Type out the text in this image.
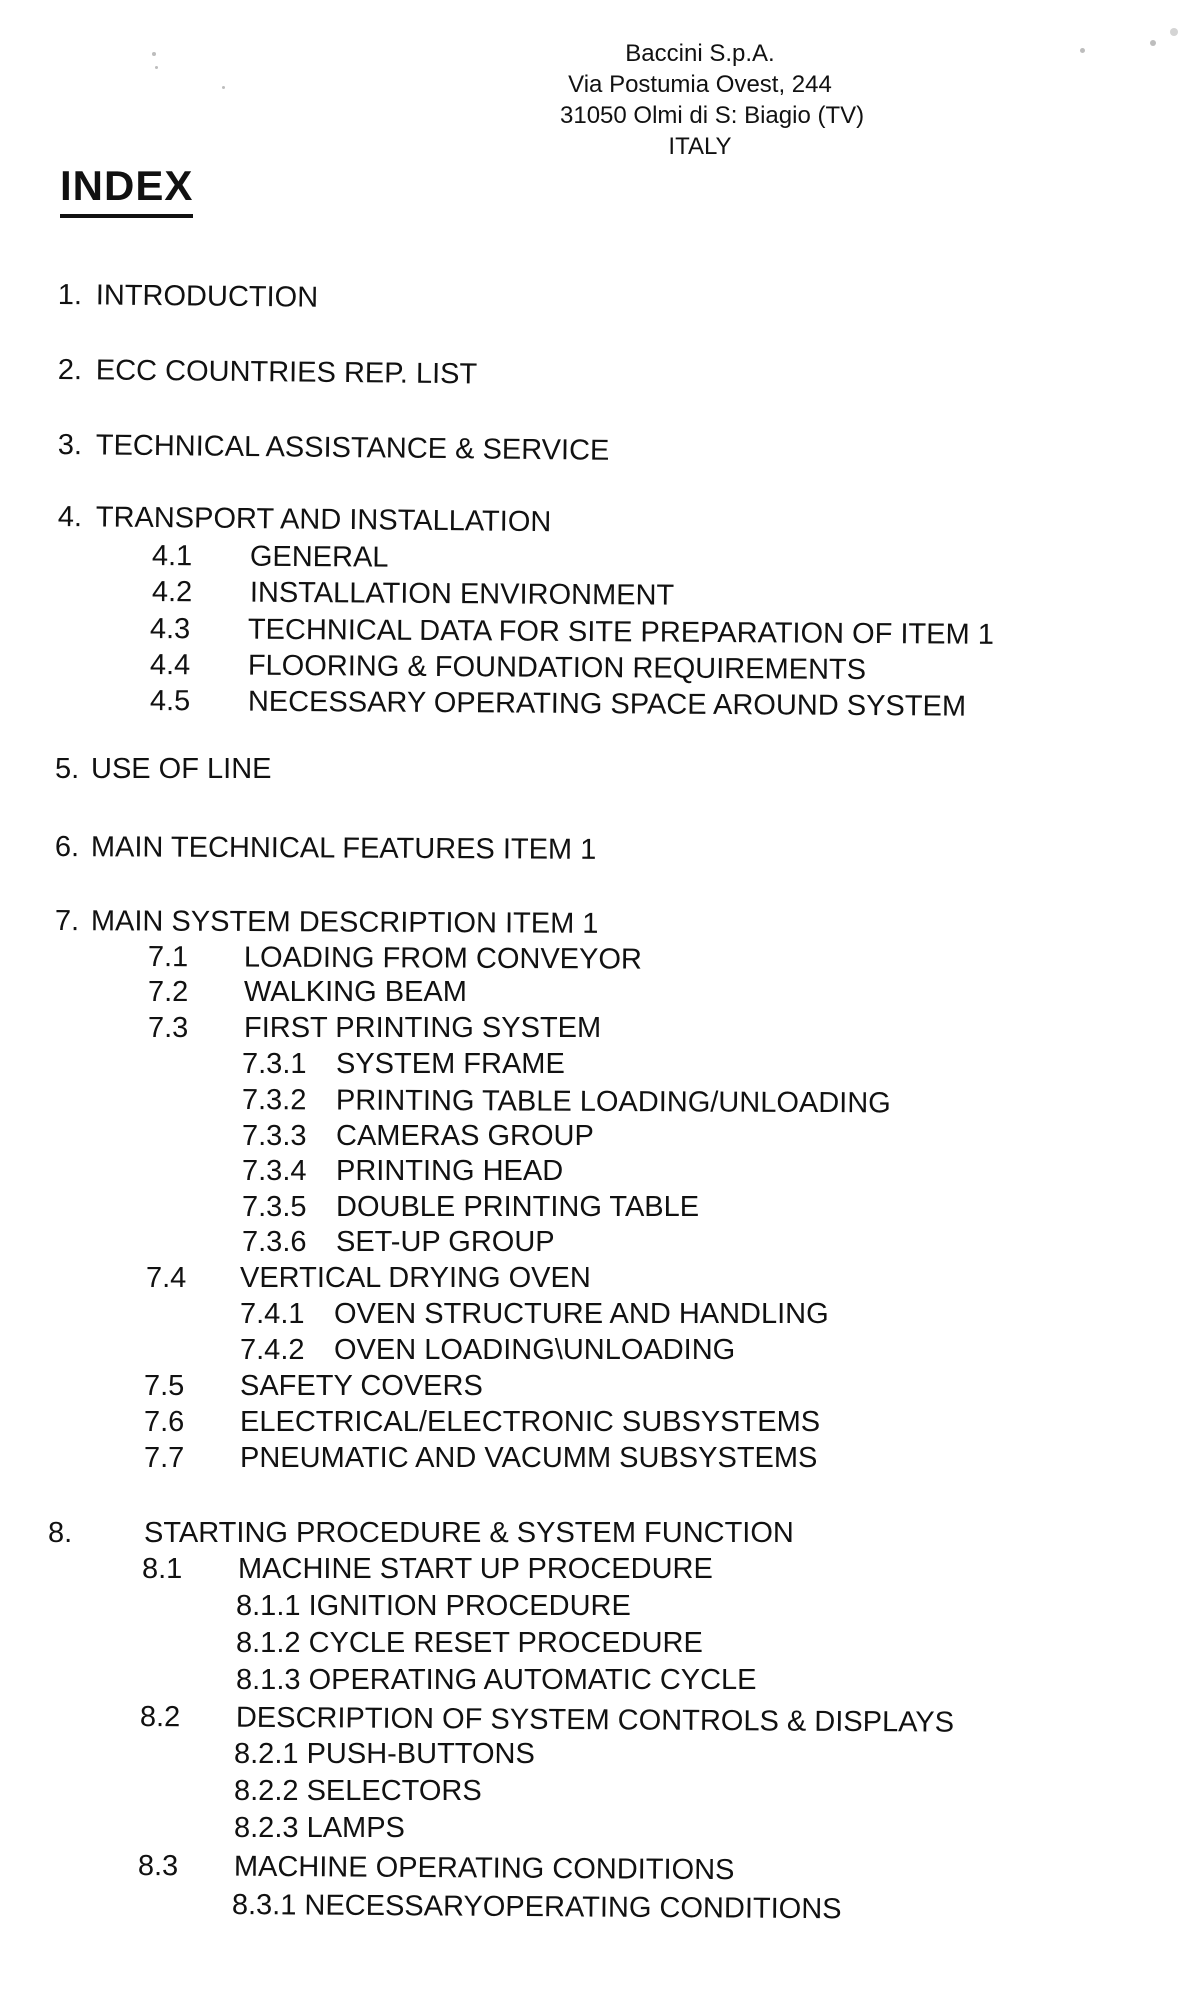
Baccini S.p.A.
Via Postumia Ovest, 244
31050 Olmi di S: Biagio (TV)
ITALY
INDEX
1. INTRODUCTION
2. ECC COUNTRIES REP. LIST
3. TECHNICAL ASSISTANCE & SERVICE
4. TRANSPORT AND INSTALLATION
4.1 GENERAL
4.2 INSTALLATION ENVIRONMENT
4.3 TECHNICAL DATA FOR SITE PREPARATION OF ITEM 1
4.4 FLOORING & FOUNDATION REQUIREMENTS
4.5 NECESSARY OPERATING SPACE AROUND SYSTEM
5. USE OF LINE
6. MAIN TECHNICAL FEATURES ITEM 1
7. MAIN SYSTEM DESCRIPTION ITEM 1
7.1 LOADING FROM CONVEYOR
7.2 WALKING BEAM
7.3 FIRST PRINTING SYSTEM
7.3.1 SYSTEM FRAME
7.3.2 PRINTING TABLE LOADING/UNLOADING
7.3.3 CAMERAS GROUP
7.3.4 PRINTING HEAD
7.3.5 DOUBLE PRINTING TABLE
7.3.6 SET-UP GROUP
7.4 VERTICAL DRYING OVEN
7.4.1 OVEN STRUCTURE AND HANDLING
7.4.2 OVEN LOADING\UNLOADING
7.5 SAFETY COVERS
7.6 ELECTRICAL/ELECTRONIC SUBSYSTEMS
7.7 PNEUMATIC AND VACUMM SUBSYSTEMS
8. STARTING PROCEDURE & SYSTEM FUNCTION
8.1 MACHINE START UP PROCEDURE
8.1.1 IGNITION PROCEDURE
8.1.2 CYCLE RESET PROCEDURE
8.1.3 OPERATING AUTOMATIC CYCLE
8.2 DESCRIPTION OF SYSTEM CONTROLS & DISPLAYS
8.2.1 PUSH-BUTTONS
8.2.2 SELECTORS
8.2.3 LAMPS
8.3 MACHINE OPERATING CONDITIONS
8.3.1 NECESSARYOPERATING CONDITIONS
